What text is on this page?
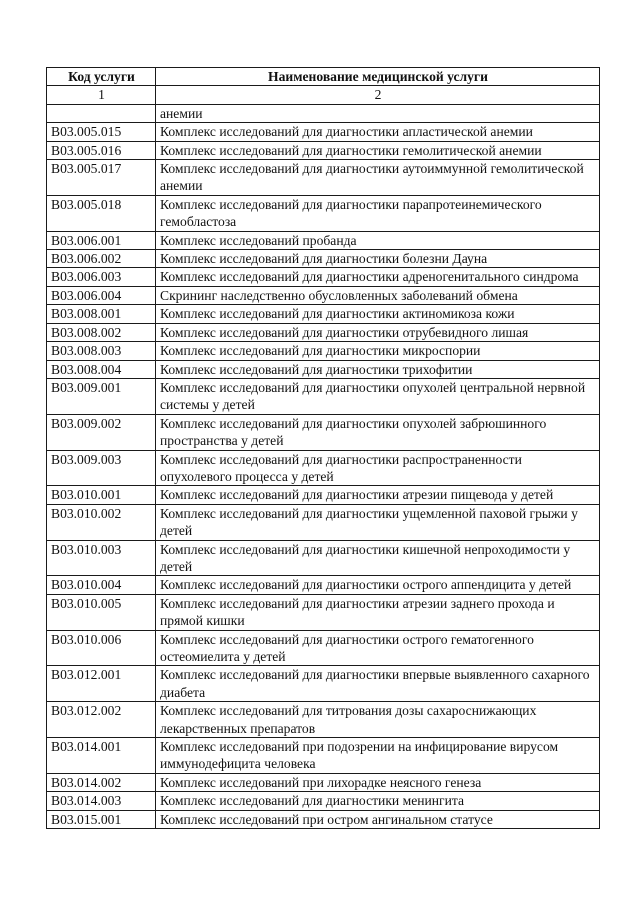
Код услуги	Наименование медицинской услуги
1	2
	анемии
B03.005.015	Комплекс исследований для диагностики апластической анемии
B03.005.016	Комплекс исследований для диагностики гемолитической анемии
B03.005.017	Комплекс исследований для диагностики аутоиммунной гемолитической анемии
B03.005.018	Комплекс исследований для диагностики парапротеинемического гемобластоза
B03.006.001	Комплекс исследований пробанда
B03.006.002	Комплекс исследований для диагностики болезни Дауна
B03.006.003	Комплекс исследований для диагностики адреногенитального синдрома
B03.006.004	Скрининг наследственно обусловленных заболеваний обмена
B03.008.001	Комплекс исследований для диагностики актиномикоза кожи
B03.008.002	Комплекс исследований для диагностики отрубевидного лишая
B03.008.003	Комплекс исследований для диагностики микроспории
B03.008.004	Комплекс исследований для диагностики трихофитии
B03.009.001	Комплекс исследований для диагностики опухолей центральной нервной системы у детей
B03.009.002	Комплекс исследований для диагностики опухолей забрюшинного пространства у детей
B03.009.003	Комплекс исследований для диагностики распространенности опухолевого процесса у детей
B03.010.001	Комплекс исследований для диагностики атрезии пищевода у детей
B03.010.002	Комплекс исследований для диагностики ущемленной паховой грыжи у детей
B03.010.003	Комплекс исследований для диагностики кишечной непроходимости у детей
B03.010.004	Комплекс исследований для диагностики острого аппендицита у детей
B03.010.005	Комплекс исследований для диагностики атрезии заднего прохода и прямой кишки
B03.010.006	Комплекс исследований для диагностики острого гематогенного остеомиелита у детей
B03.012.001	Комплекс исследований для диагностики впервые выявленного сахарного диабета
B03.012.002	Комплекс исследований для титрования дозы сахароснижающих лекарственных препаратов
B03.014.001	Комплекс исследований при подозрении на инфицирование вирусом иммунодефицита человека
B03.014.002	Комплекс исследований при лихорадке неясного генеза
B03.014.003	Комплекс исследований для диагностики менингита
B03.015.001	Комплекс исследований при остром ангинальном статусе
